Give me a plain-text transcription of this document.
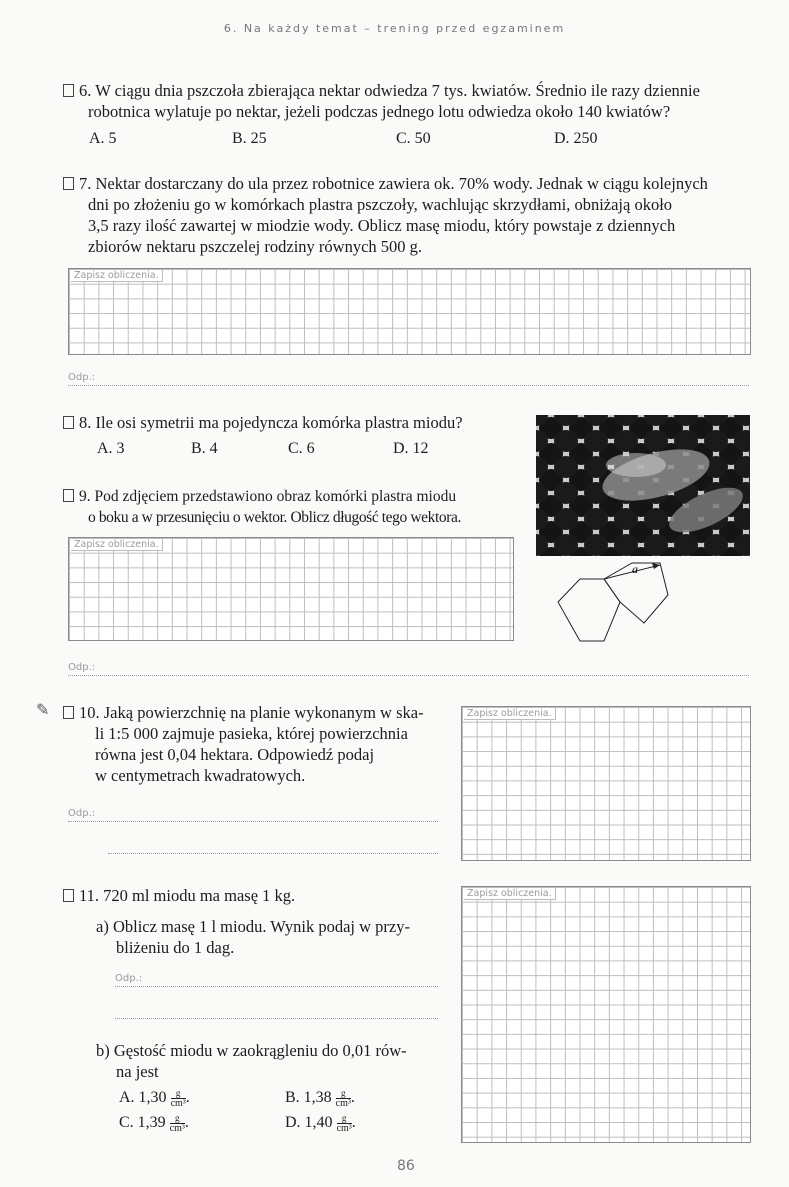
6. Na każdy temat – trening przed egzaminem
6. W ciągu dnia pszczoła zbierająca nektar odwiedza 7 tys. kwiatów. Średnio ile razy dziennie
robotnica wylatuje po nektar, jeżeli podczas jednego lotu odwiedza około 140 kwiatów?
A. 5	B. 25	C. 50	D. 250
7. Nektar dostarczany do ula przez robotnice zawiera ok. 70% wody. Jednak w ciągu kolejnych
dni po złożeniu go w komórkach plastra pszczoły, wachlując skrzydłami, obniżają około
3,5 razy ilość zawartej w miodzie wody. Oblicz masę miodu, który powstaje z dziennych
zbiorów nektaru pszczelej rodziny równych 500 g.
Zapisz obliczenia.
Odp.:
8. Ile osi symetrii ma pojedyncza komórka plastra miodu?
A. 3	B. 4	C. 6	D. 12
a
9. Pod zdjęciem przedstawiono obraz komórki plastra miodu
o boku a w przesunięciu o wektor. Oblicz długość tego wektora.
Zapisz obliczenia.
Odp.:
✎	10. Jaką powierzchnię na planie wykonanym w ska-
li 1:5 000 zajmuje pasieka, której powierzchnia
równa jest 0,04 hektara. Odpowiedź podaj
w centymetrach kwadratowych.
Odp.:
Zapisz obliczenia.
11. 720 ml miodu ma masę 1 kg.
a) Oblicz masę 1 l miodu. Wynik podaj w przy-
bliżeniu do 1 dag.
Odp.:
b) Gęstość miodu w zaokrągleniu do 0,01 rów-
na jest
A. $1,30 \frac{g}{\text{cm³}}$ .	B. $1,38 \frac{g}{\text{cm³}}$ .
C. $1,39 \frac{g}{\text{cm³}}$ .	D. $1,40 \frac{g}{\text{cm³}}$ .
Zapisz obliczenia.
86
